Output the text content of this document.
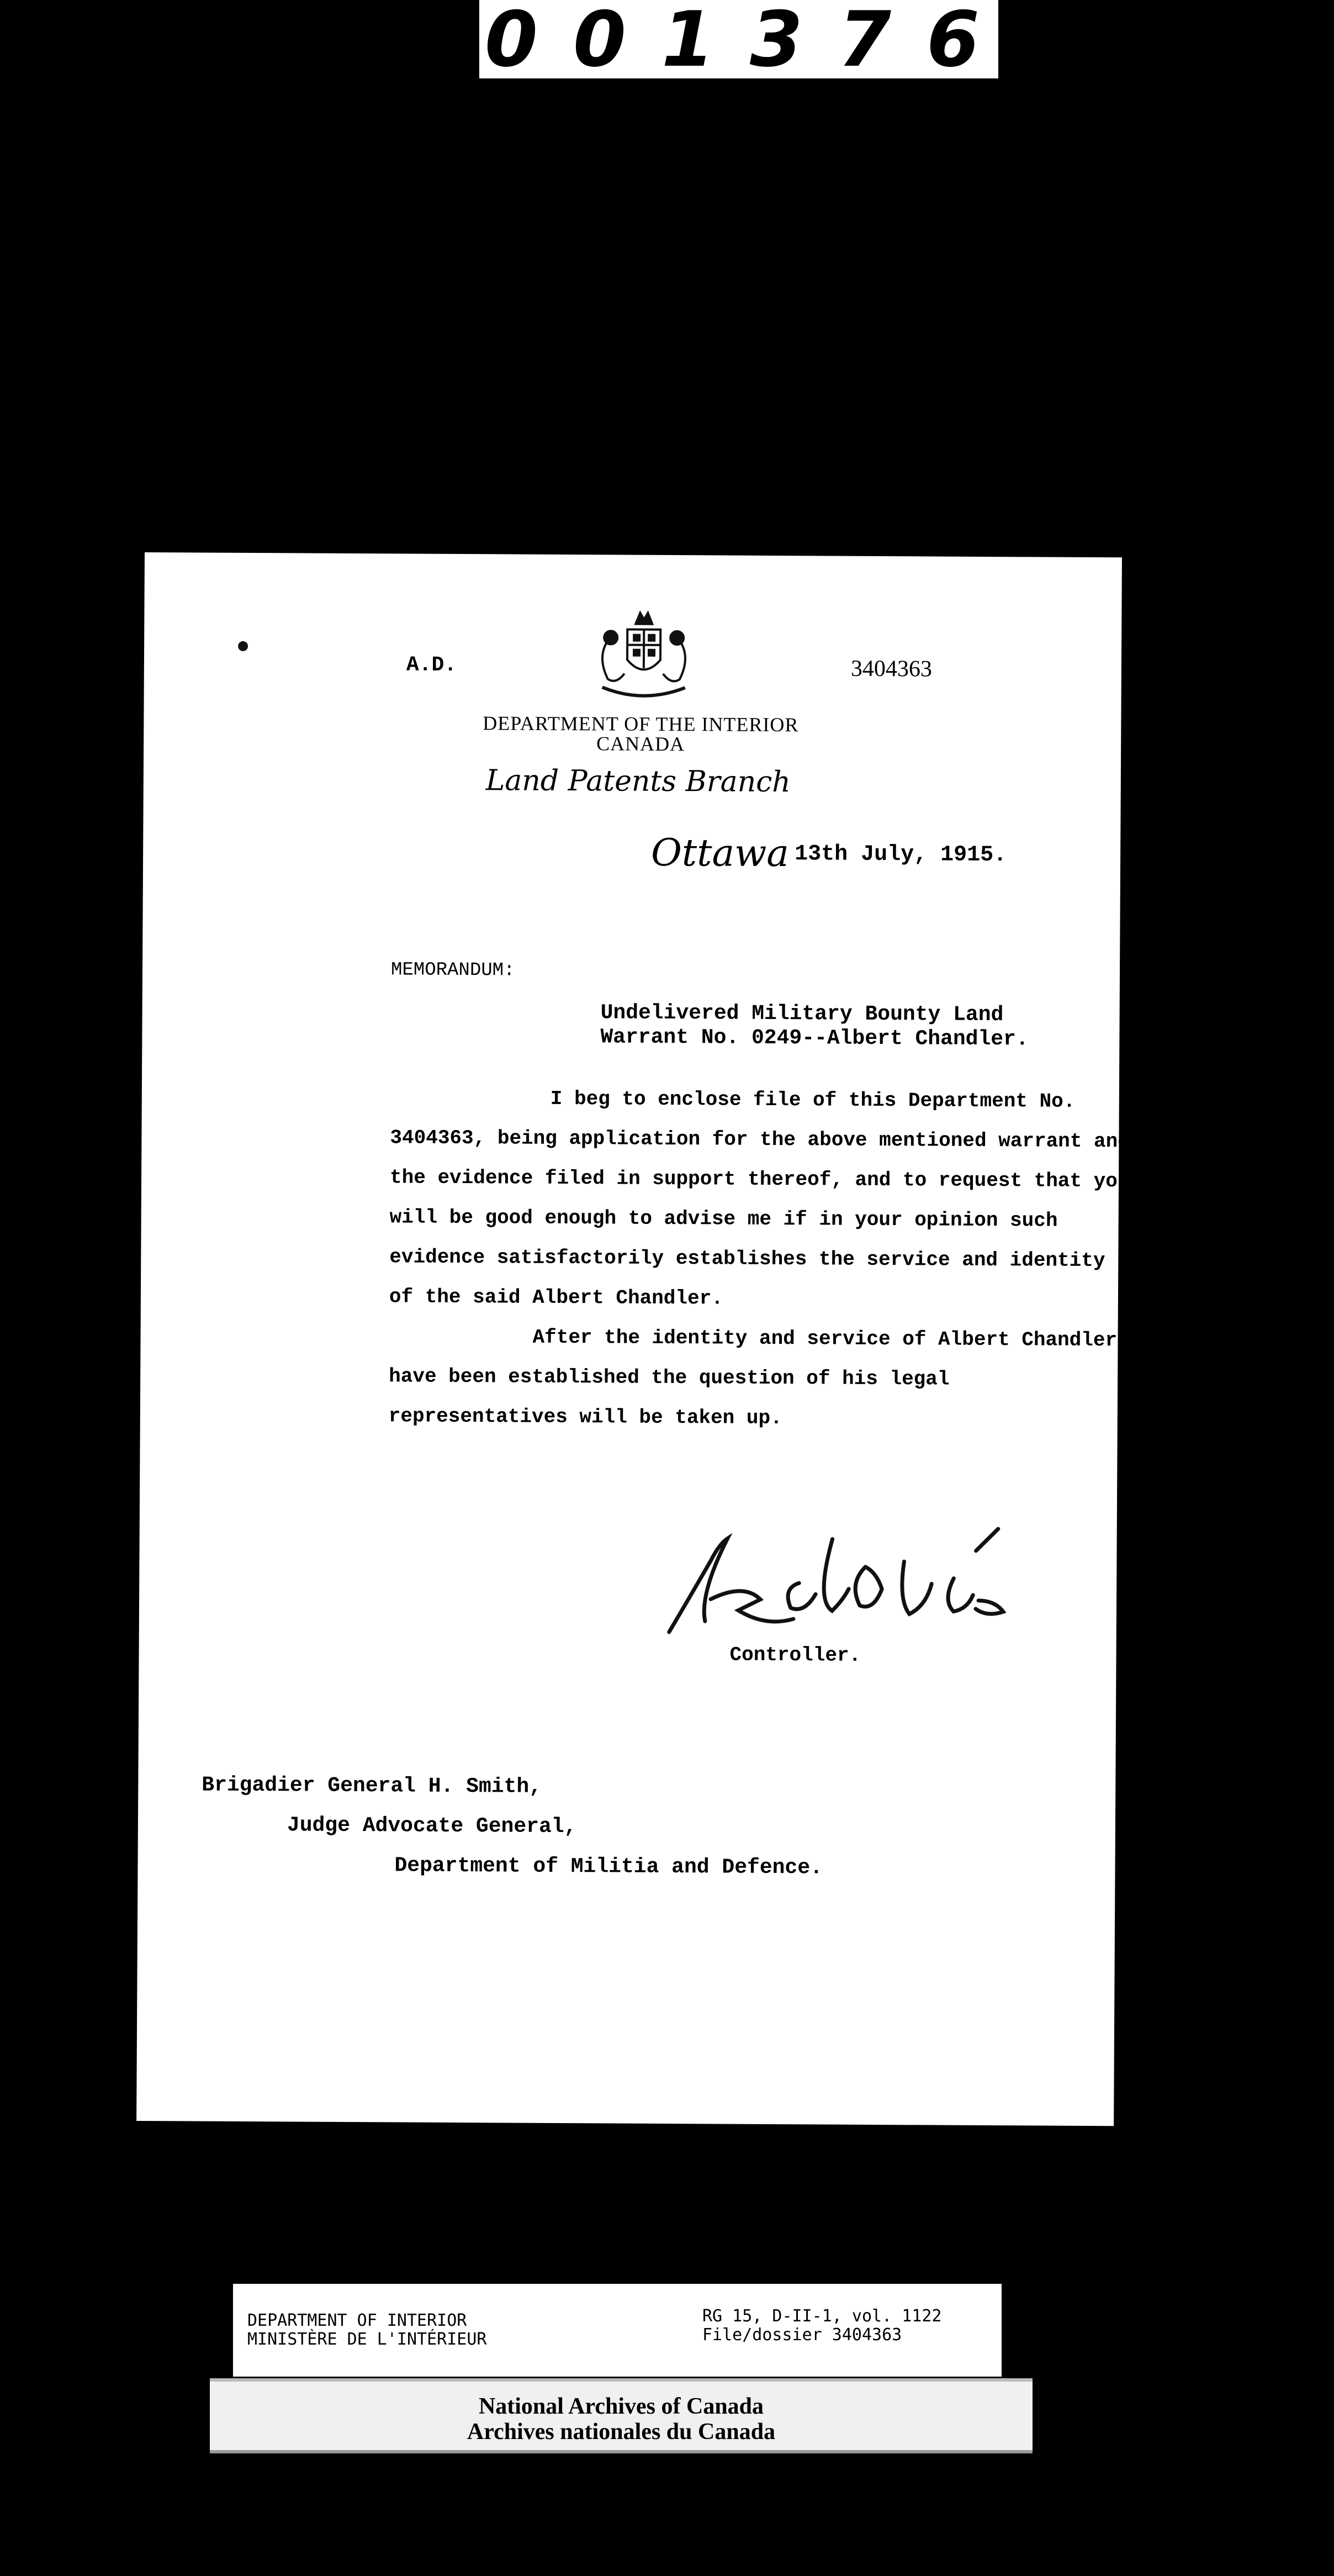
001376
A.D.	3404363
DEPARTMENT OF THE INTERIOR
CANADA
Land Patents Branch
Ottawa 13th July, 1915.
MEMORANDUM:
Undelivered Military Bounty Land
Warrant No. 0249--Albert Chandler.

I beg to enclose file of this Department No. 3404363, being application for the above mentioned warrant and the evidence filed in support thereof, and to request that you will be good enough to advise me if in your opinion such evidence satisfactorily establishes the service and identity of the said Albert Chandler.

After the identity and service of Albert Chandler have been established the question of his legal representatives will be taken up.

Controller.
Brigadier General H. Smith,
Judge Advocate General,
Department of Militia and Defence.
DEPARTMENT OF INTERIOR
MINISTÈRE DE L'INTÉRIEUR
RG 15, D-II-1, vol. 1122
File/dossier 3404363
National Archives of Canada
Archives nationales du Canada
